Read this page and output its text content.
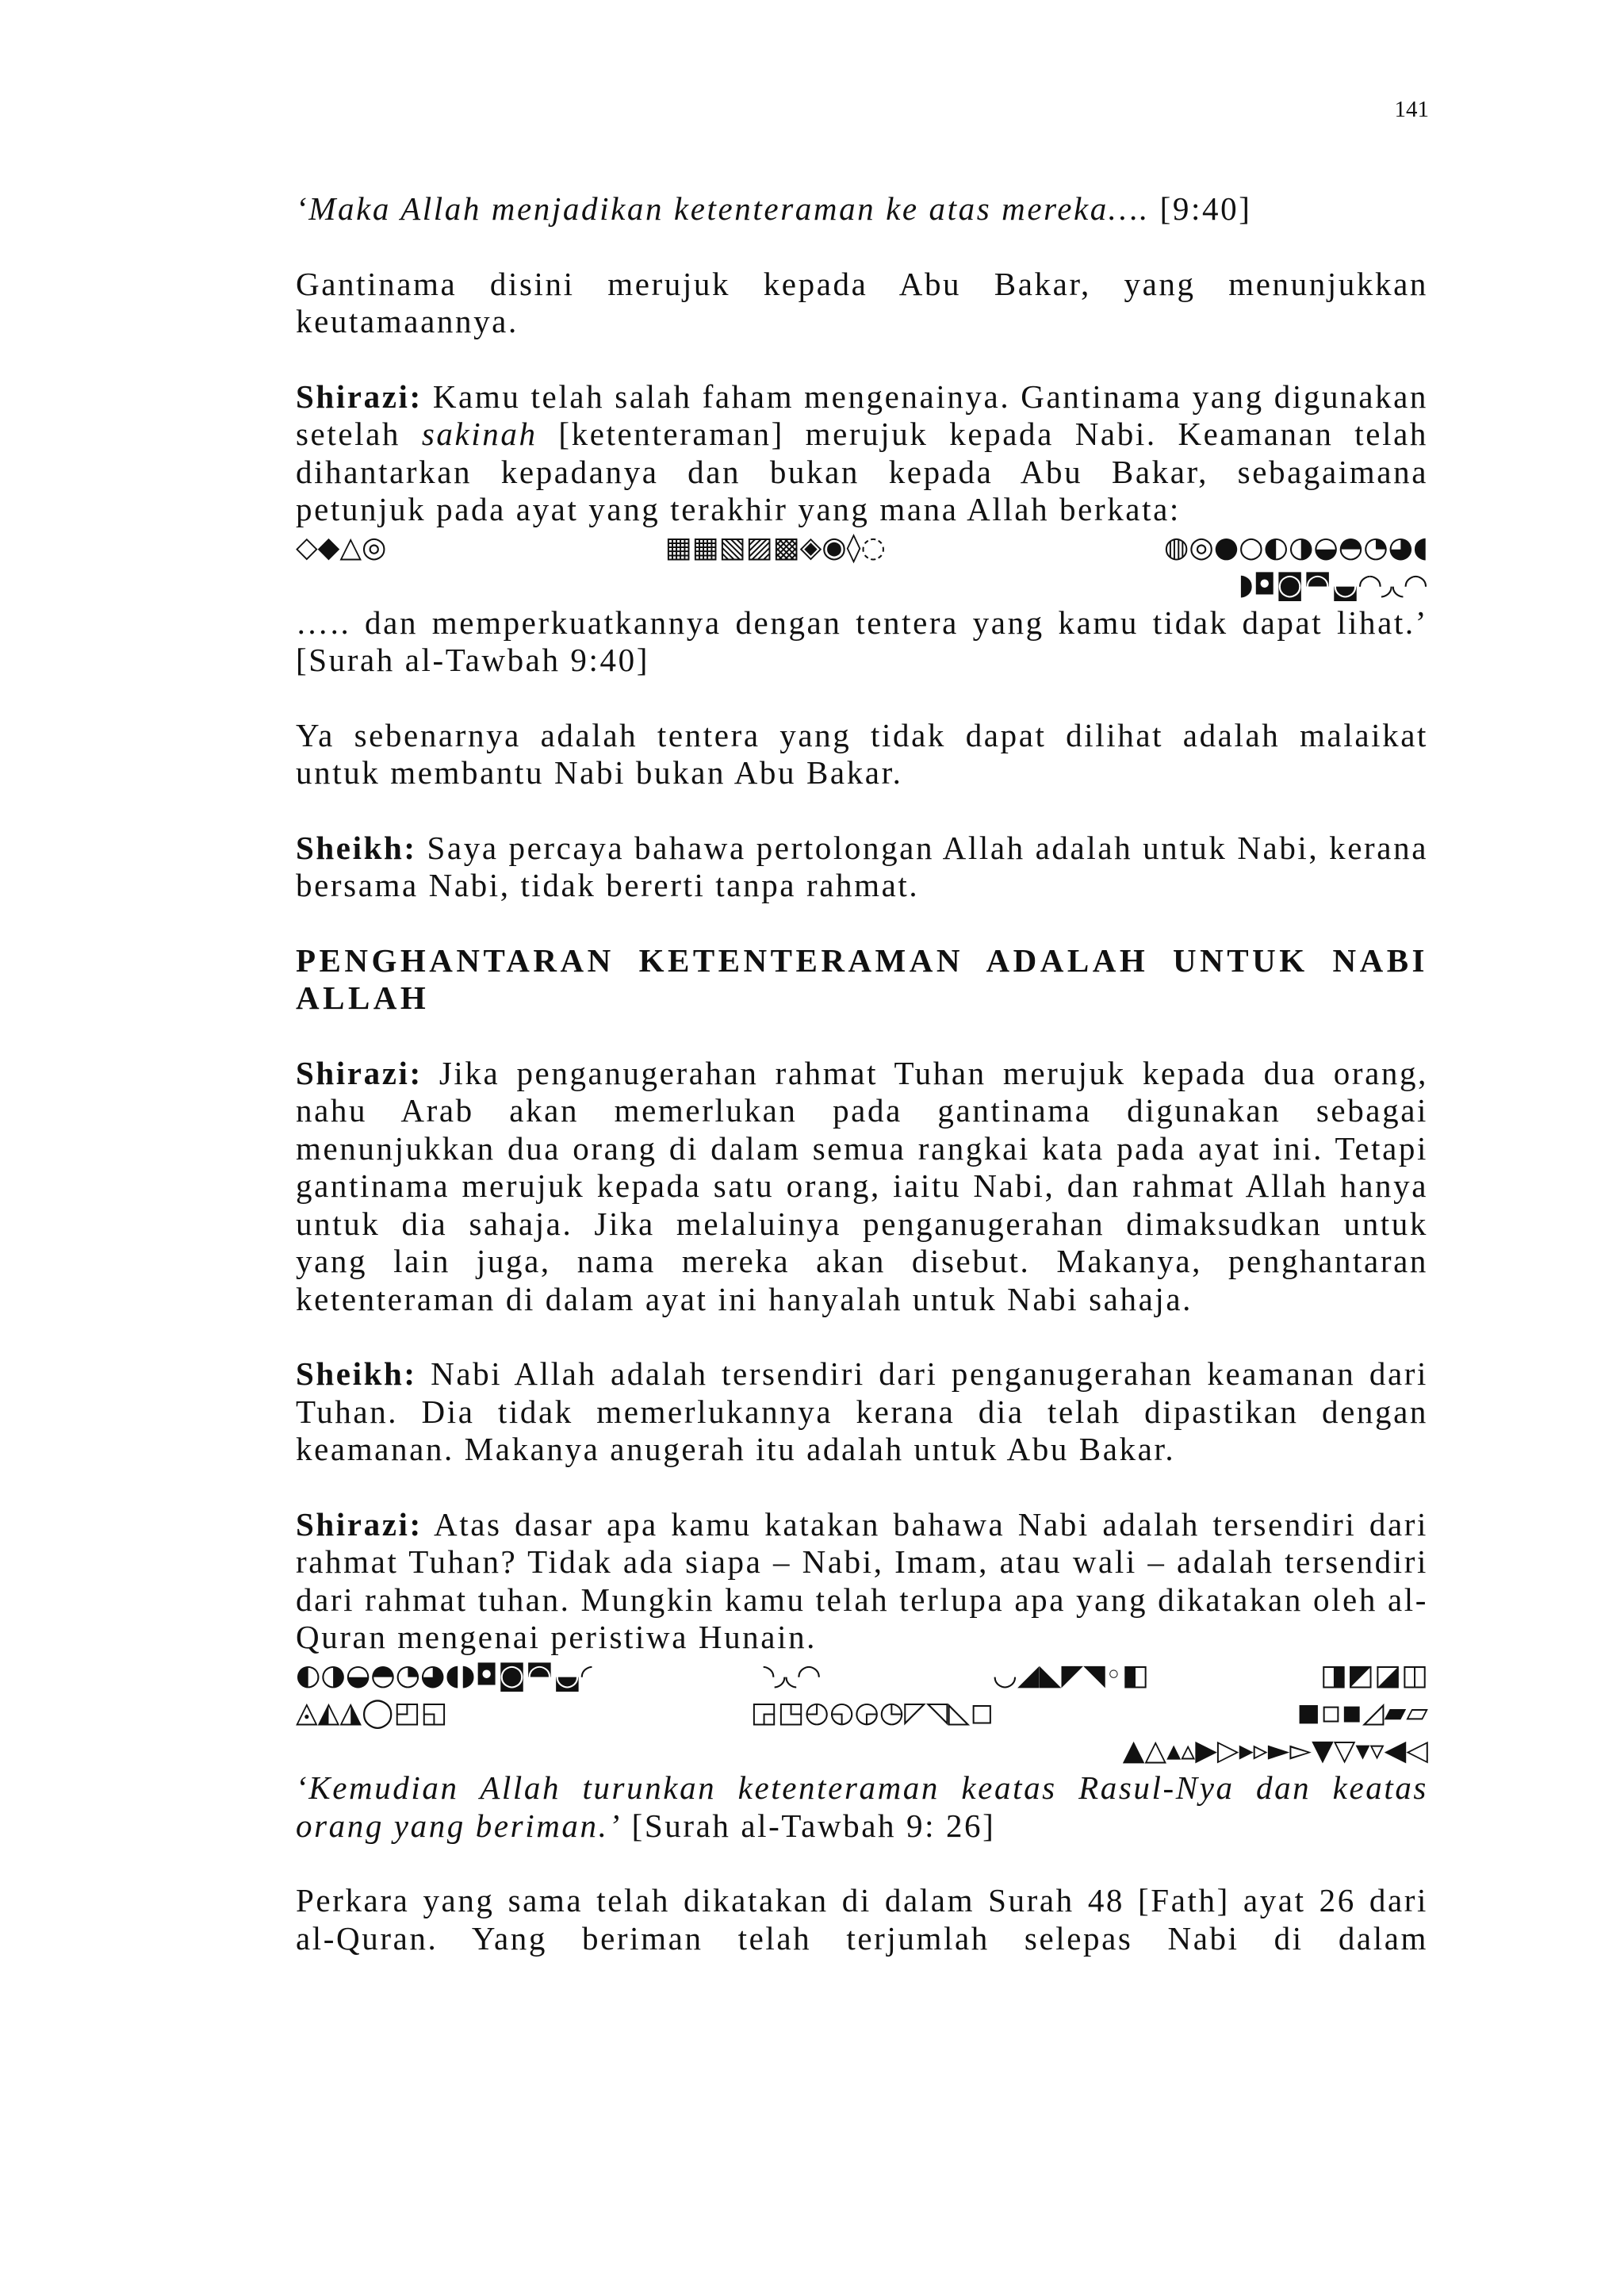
141

‘Maka Allah menjadikan ketenteraman ke atas mereka…. [9:40]

Gantinama disini merujuk kepada Abu Bakar, yang menunjukkan keutamaannya.

Shirazi: Kamu telah salah faham mengenainya. Gantinama yang digunakan setelah sakinah [ketenteraman] merujuk kepada Nabi. Keamanan telah dihantarkan kepadanya dan bukan kepada Abu Bakar, sebagaimana petunjuk pada ayat yang terakhir yang mana Allah berkata:

◇◆△◎	▦▦▧▨▩◈◉◊◌	◍◎●○◐◑◒◓◔◕◖
◗◘◙◚◛◜◝◞◟◠

….. dan memperkuatkannya dengan tentera yang kamu tidak dapat lihat.’ [Surah al-Tawbah 9:40]

Ya sebenarnya adalah tentera yang tidak dapat dilihat adalah malaikat untuk membantu Nabi bukan Abu Bakar.

Sheikh: Saya percaya bahawa pertolongan Allah adalah untuk Nabi, kerana bersama Nabi, tidak bererti tanpa rahmat.

PENGHANTARAN KETENTERAMAN ADALAH UNTUK NABI ALLAH

Shirazi: Jika penganugerahan rahmat Tuhan merujuk kepada dua orang, nahu Arab akan memerlukan pada gantinama digunakan sebagai menunjukkan dua orang di dalam semua rangkai kata pada ayat ini. Tetapi gantinama merujuk kepada satu orang, iaitu Nabi, dan rahmat Allah hanya untuk dia sahaja. Jika melaluinya penganugerahan dimaksudkan untuk yang lain juga, nama mereka akan disebut. Makanya, penghantaran ketenteraman di dalam ayat ini hanyalah untuk Nabi sahaja.

Sheikh: Nabi Allah adalah tersendiri dari penganugerahan keamanan dari Tuhan. Dia tidak memerlukannya kerana dia telah dipastikan dengan keamanan. Makanya anugerah itu adalah untuk Abu Bakar.

Shirazi: Atas dasar apa kamu katakan bahawa Nabi adalah tersendiri dari rahmat Tuhan? Tidak ada siapa – Nabi, Imam, atau wali – adalah tersendiri dari rahmat tuhan. Mungkin kamu telah terlupa apa yang dikatakan oleh al-Quran mengenai peristiwa Hunain.

◐◑◒◓◔◕◖◗◘◙◚◛◜	◝◞◟◠	◡◢◣◤◥◦◧	◨◩◪◫
◬◭◮◯◰◱	◲◳◴◵◶◷◸◹◺◻	◼◽◾◿▰▱
▲△▴▵▶▷▸▹►▻▼▽▾▿◀◁

‘Kemudian Allah turunkan ketenteraman keatas Rasul-Nya dan keatas orang yang beriman.’ [Surah al-Tawbah 9: 26]

Perkara yang sama telah dikatakan di dalam Surah 48 [Fath] ayat 26 dari al-Quran. Yang beriman telah terjumlah selepas Nabi di dalam
